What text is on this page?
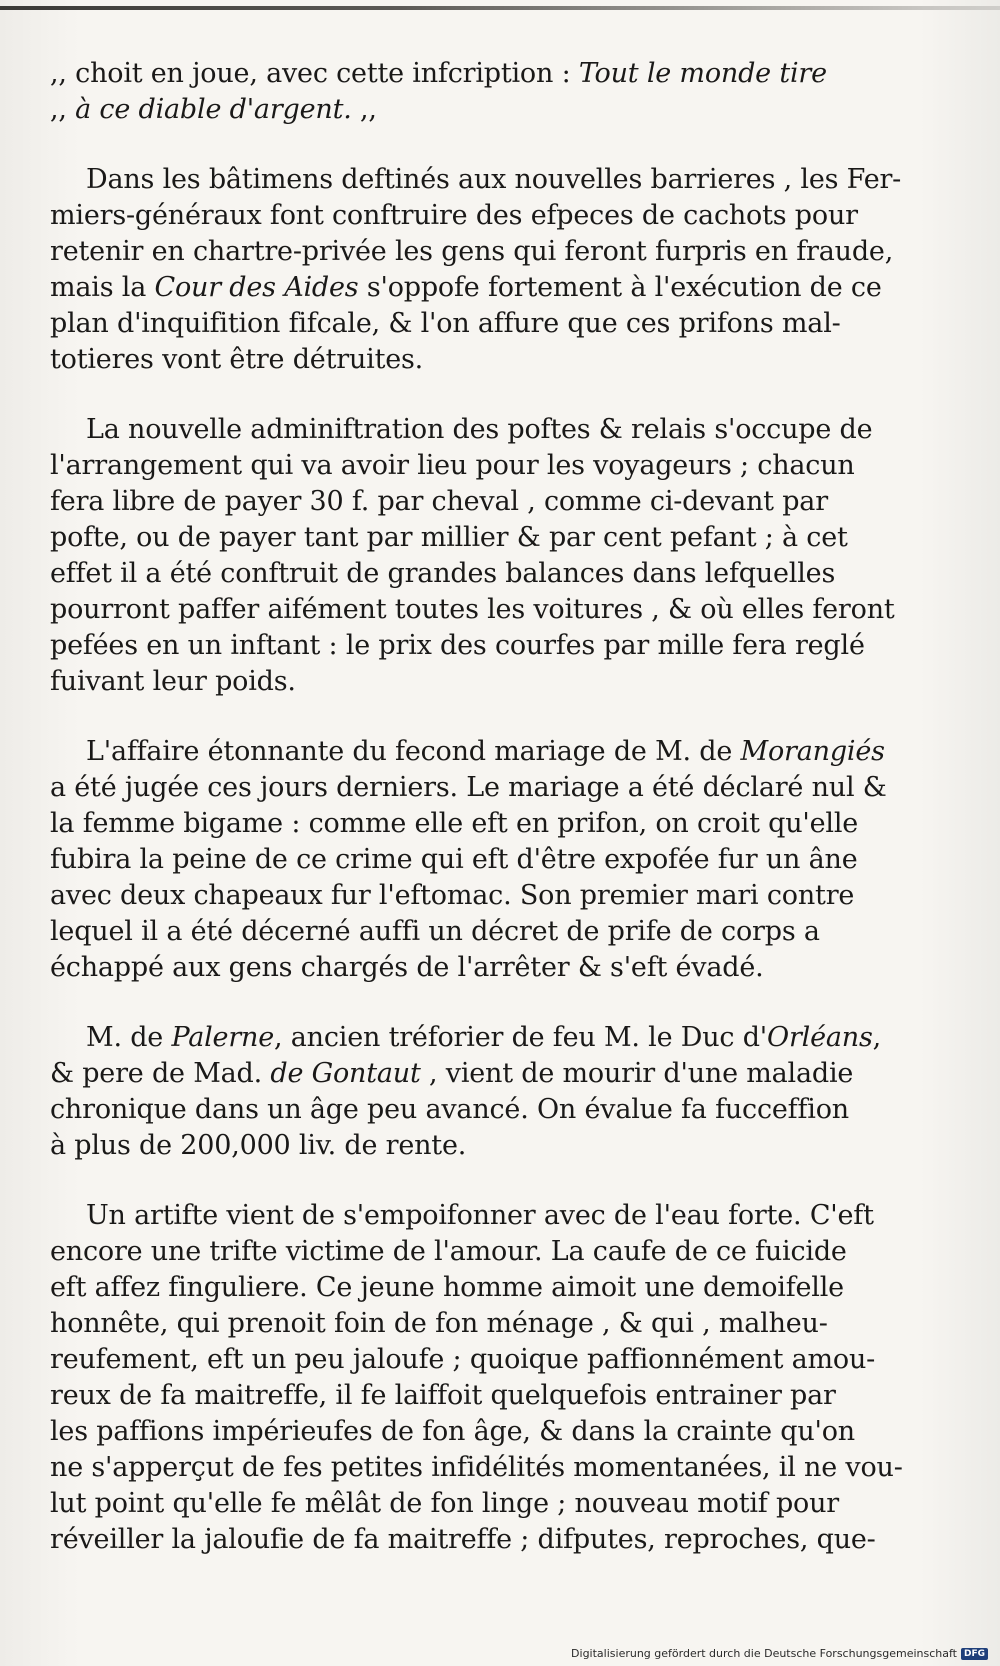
,, choit en joue, avec cette infcription : Tout le monde tire
,, à ce diable d'argent. ,,
Dans les bâtimens deftinés aux nouvelles barrieres , les Fer-
miers-généraux font conftruire des efpeces de cachots pour
retenir en chartre-privée les gens qui feront furpris en fraude,
mais la Cour des Aides s'oppofe fortement à l'exécution de ce
plan d'inquifition fifcale, & l'on affure que ces prifons mal-
totieres vont être détruites.
La nouvelle adminiftration des poftes & relais s'occupe de
l'arrangement qui va avoir lieu pour les voyageurs ; chacun
fera libre de payer 30 f. par cheval , comme ci-devant par
pofte, ou de payer tant par millier & par cent pefant ; à cet
effet il a été conftruit de grandes balances dans lefquelles
pourront paffer aifément toutes les voitures , & où elles feront
pefées en un inftant : le prix des courfes par mille fera reglé
fuivant leur poids.
L'affaire étonnante du fecond mariage de M. de Morangiés
a été jugée ces jours derniers. Le mariage a été déclaré nul &
la femme bigame : comme elle eft en prifon, on croit qu'elle
fubira la peine de ce crime qui eft d'être expofée fur un âne
avec deux chapeaux fur l'eftomac. Son premier mari contre
lequel il a été décerné auffi un décret de prife de corps a
échappé aux gens chargés de l'arrêter & s'eft évadé.
M. de Palerne, ancien tréforier de feu M. le Duc d'Orléans,
& pere de Mad. de Gontaut , vient de mourir d'une maladie
chronique dans un âge peu avancé. On évalue fa fucceffion
à plus de 200,000 liv. de rente.
Un artifte vient de s'empoifonner avec de l'eau forte. C'eft
encore une trifte victime de l'amour. La caufe de ce fuicide
eft affez finguliere. Ce jeune homme aimoit une demoifelle
honnête, qui prenoit foin de fon ménage , & qui , malheu-
reufement, eft un peu jaloufe ; quoique paffionnément amou-
reux de fa maitreffe, il fe laiffoit quelquefois entrainer par
les paffions impérieufes de fon âge, & dans la crainte qu'on
ne s'apperçut de fes petites infidélités momentanées, il ne vou-
lut point qu'elle fe mêlât de fon linge ; nouveau motif pour
réveiller la jaloufie de fa maitreffe ; difputes, reproches, que-
Digitalisierung gefördert durch die Deutsche Forschungsgemeinschaft DFG
